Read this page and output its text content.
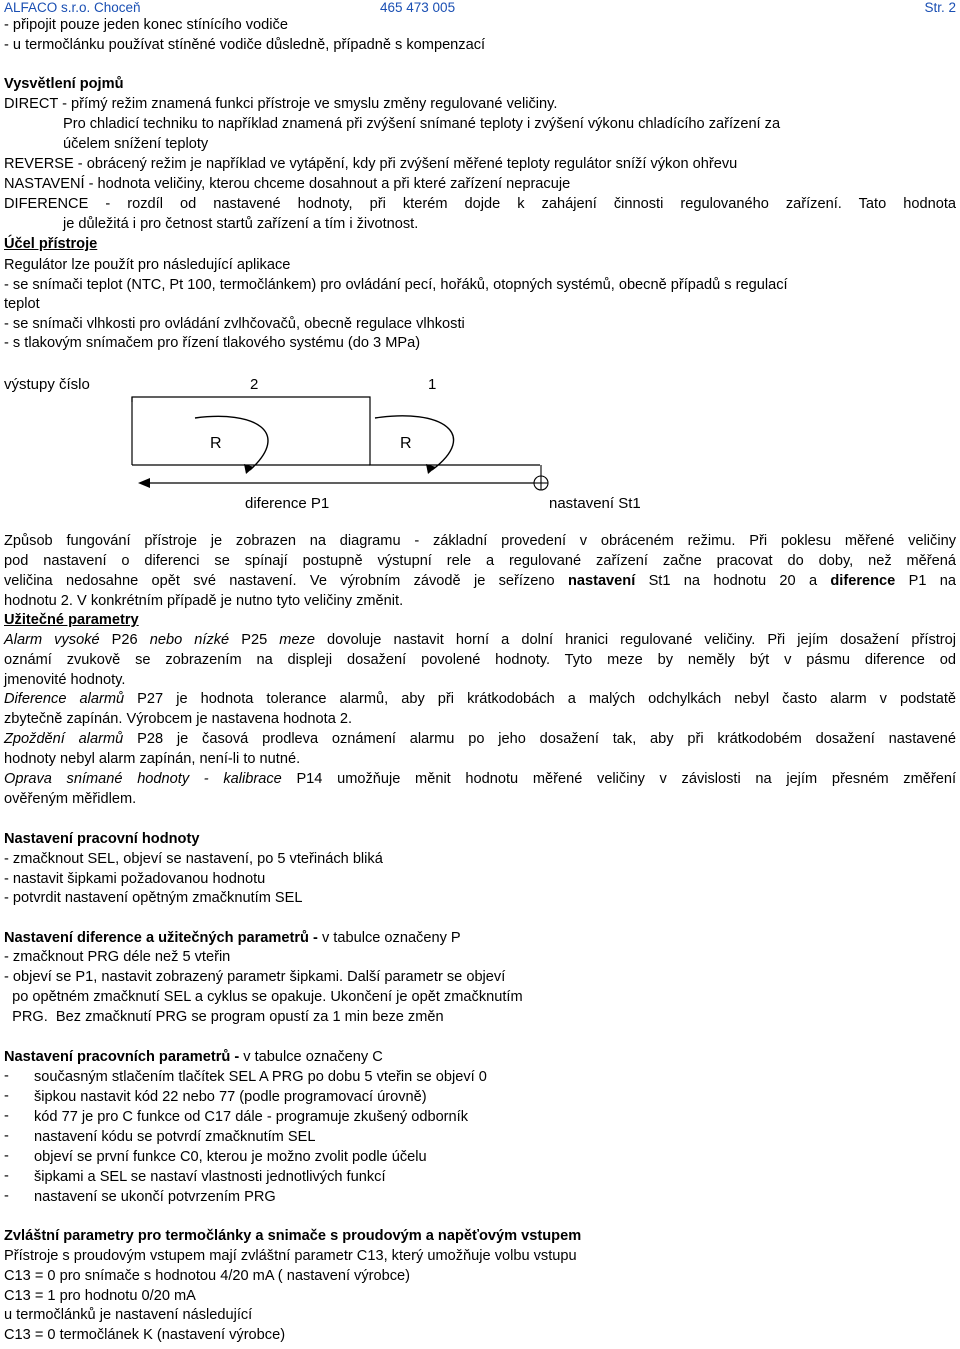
ALFACO s.r.o. Choceň	465 473 005	Str. 2
- připojit pouze jeden konec stínícího vodiče
- u termočlánku používat stíněné vodiče důsledně, případně s kompenzací
Vysvětlení pojmů
DIRECT - přímý režim znamená funkci přístroje ve smyslu změny regulované veličiny.
Pro chladicí techniku to například znamená při zvýšení snímané teploty i zvýšení výkonu chladícího zařízení za
účelem snížení teploty
REVERSE - obrácený režim je například ve vytápění, kdy při zvýšení měřené teploty regulátor sníží výkon ohřevu
NASTAVENÍ - hodnota veličiny, kterou chceme dosahnout a při které zařízení nepracuje
DIFERENCE - rozdíl od nastavené hodnoty, při kterém dojde k zahájení činnosti regulovaného zařízení. Tato hodnota
je důležitá i pro četnost startů zařízení a tím i životnost.
Účel přístroje
Regulátor lze použít pro následující aplikace
- se snímači teplot (NTC, Pt 100, termočlánkem) pro ovládání pecí, hořáků, otopných systémů, obecně případů s regulací
teplot
- se snímači vlhkosti pro ovládání zvlhčovačů, obecně regulace vlhkosti
- s tlakovým snímačem pro řízení tlakového systému (do 3 MPa)
výstupy číslo	2	1
R	R
diference P1	nastavení St1
Způsob fungování přístroje je zobrazen na diagramu - základní provedení v obráceném režimu. Při poklesu měřené veličiny
pod nastavení o diferenci se spínají postupně výstupní rele a regulované zařízení začne pracovat do doby, než měřená
veličina nedosahne opět své nastavení. Ve výrobním závodě je seřízeno nastavení St1 na hodnotu 20 a diference P1 na
hodnotu 2. V konkrétním případě je nutno tyto veličiny změnit.
Užitečné parametry
Alarm vysoké P26 nebo nízké P25 meze dovoluje nastavit horní a dolní hranici regulované veličiny. Při jejím dosažení přístroj
oznámí zvukově se zobrazením na displeji dosažení povolené hodnoty. Tyto meze by neměly být v pásmu diference od
jmenovité hodnoty.
Diference alarmů P27 je hodnota tolerance alarmů, aby při krátkodobách a malých odchylkách nebyl často alarm v podstatě
zbytečně zapínán. Výrobcem je nastavena hodnota 2.
Zpoždění alarmů P28 je časová prodleva oznámení alarmu po jeho dosažení tak, aby při krátkodobém dosažení nastavené
hodnoty nebyl alarm zapínán, není-li to nutné.
Oprava snímané hodnoty - kalibrace P14 umožňuje měnit hodnotu měřené veličiny v závislosti na jejím přesném změření
ověřeným měřidlem.
Nastavení pracovní hodnoty
- zmačknout SEL, objeví se nastavení, po 5 vteřinách bliká
- nastavit šipkami požadovanou hodnotu
- potvrdit nastavení opětným zmačknutím SEL
Nastavení diference a užitečných parametrů - v tabulce označeny P
- zmačknout PRG déle než 5 vteřin
- objeví se P1, nastavit zobrazený parametr šipkami. Další parametr se objeví
po opětném zmačknutí SEL a cyklus se opakuje. Ukončení je opět zmačknutím
PRG.  Bez zmačknutí PRG se program opustí za 1 min beze změn
Nastavení pracovních parametrů - v tabulce označeny C
- současným stlačením tlačítek SEL A PRG po dobu 5 vteřin se objeví 0
- šipkou nastavit kód 22 nebo 77 (podle programovací úrovně)
- kód 77 je pro C funkce od C17 dále - programuje zkušený odborník
- nastavení kódu se potvrdí zmačknutím SEL
- objeví se první funkce C0, kterou je možno zvolit podle účelu
- šipkami a SEL se nastaví vlastnosti jednotlivých funkcí
- nastavení se ukončí potvrzením PRG
Zvláštní parametry pro termočlánky a snimače s proudovým a napěťovým vstupem
Přístroje s proudovým vstupem mají zvláštní parametr C13, který umožňuje volbu vstupu
C13 = 0 pro snímače s hodnotou 4/20 mA ( nastavení výrobce)
C13 = 1 pro hodnotu 0/20 mA
u termočlánků je nastavení následující
C13 = 0 termočlánek K (nastavení výrobce)
